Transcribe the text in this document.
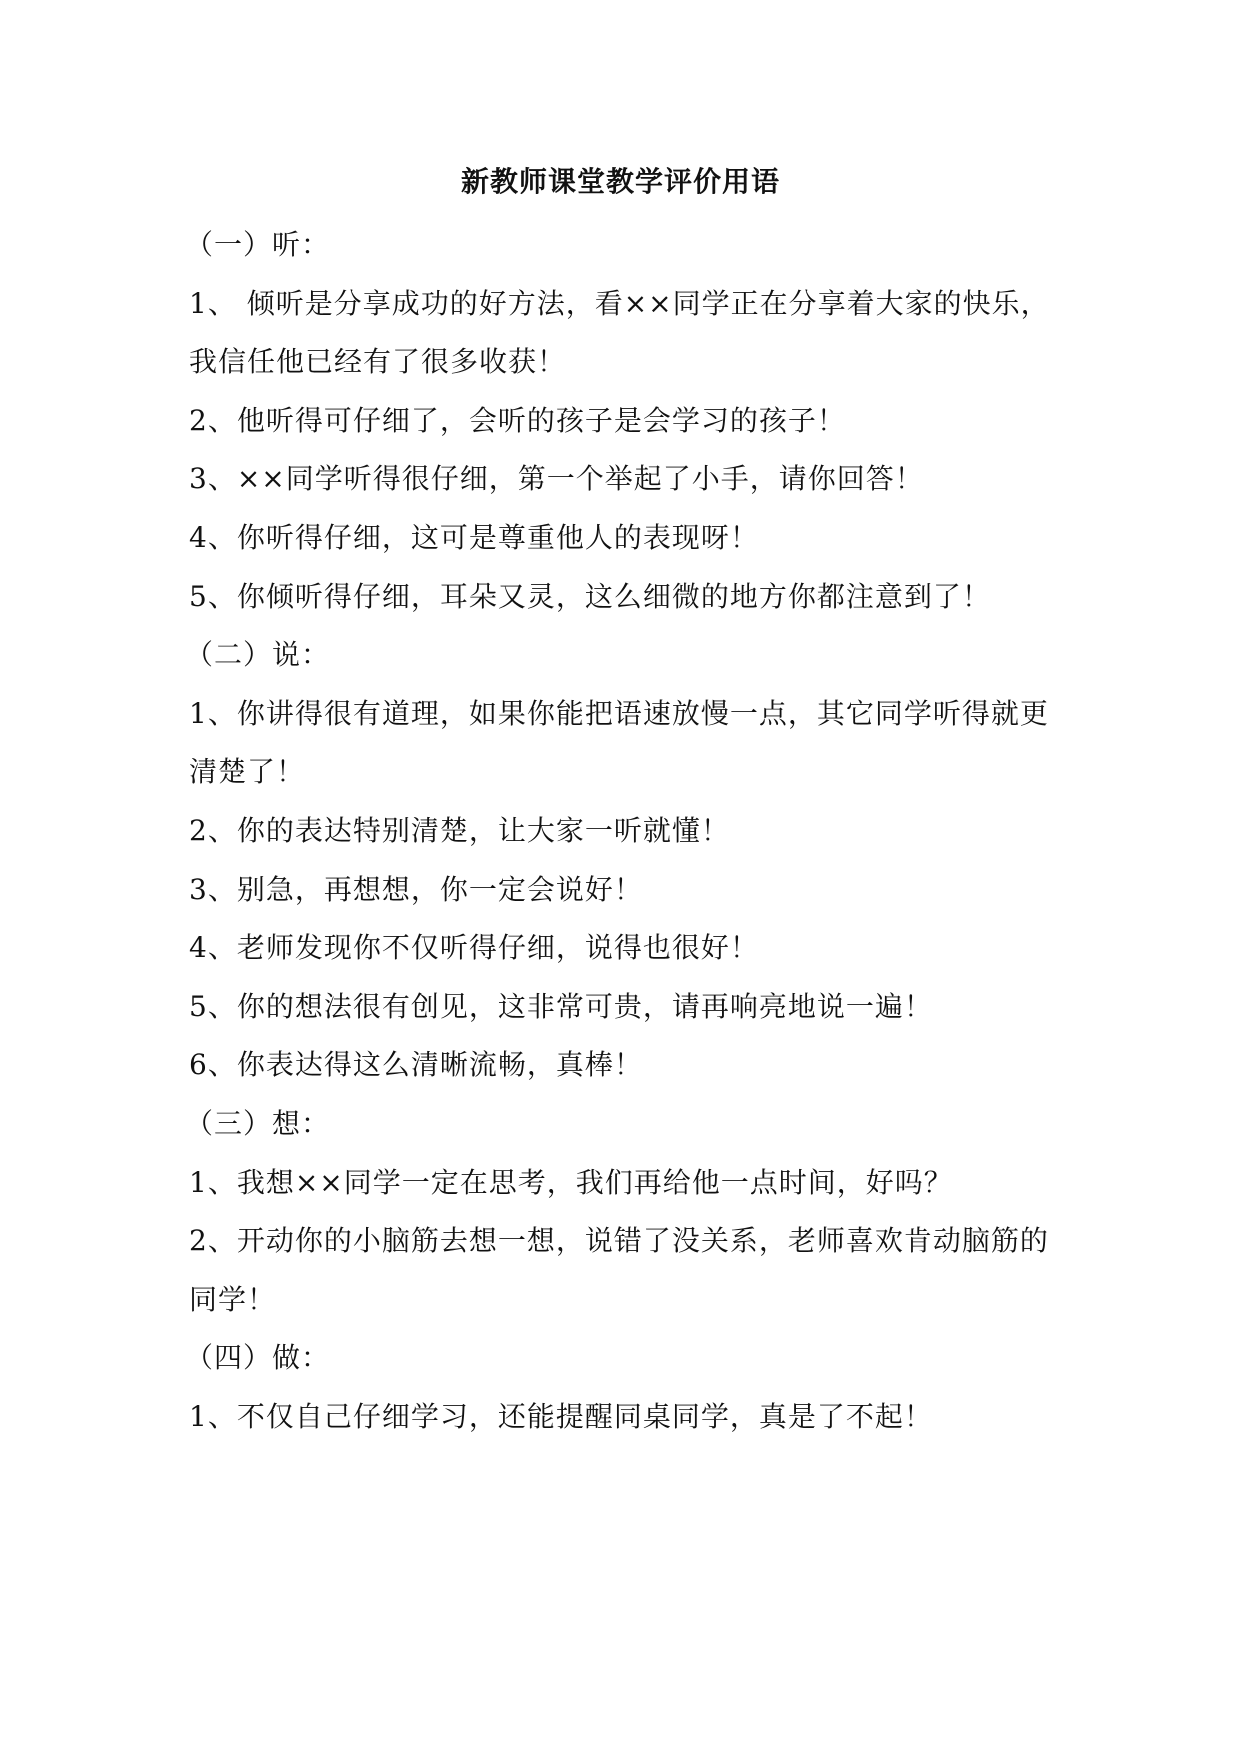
新教师课堂教学评价用语
（一）听：
1、 倾听是分享成功的好方法，看××同学正在分享着大家的快乐，
我信任他已经有了很多收获！
2、他听得可仔细了，会听的孩子是会学习的孩子！
3、××同学听得很仔细，第一个举起了小手，请你回答！
4、你听得仔细，这可是尊重他人的表现呀！
5、你倾听得仔细，耳朵又灵，这么细微的地方你都注意到了！
（二）说：
1、你讲得很有道理，如果你能把语速放慢一点，其它同学听得就更
清楚了！
2、你的表达特别清楚，让大家一听就懂！
3、别急，再想想，你一定会说好！
4、老师发现你不仅听得仔细，说得也很好！
5、你的想法很有创见，这非常可贵，请再响亮地说一遍！
6、你表达得这么清晰流畅，真棒！
（三）想：
1、我想××同学一定在思考，我们再给他一点时间，好吗？
2、开动你的小脑筋去想一想，说错了没关系，老师喜欢肯动脑筋的
同学！
（四）做：
1、不仅自己仔细学习，还能提醒同桌同学，真是了不起！
